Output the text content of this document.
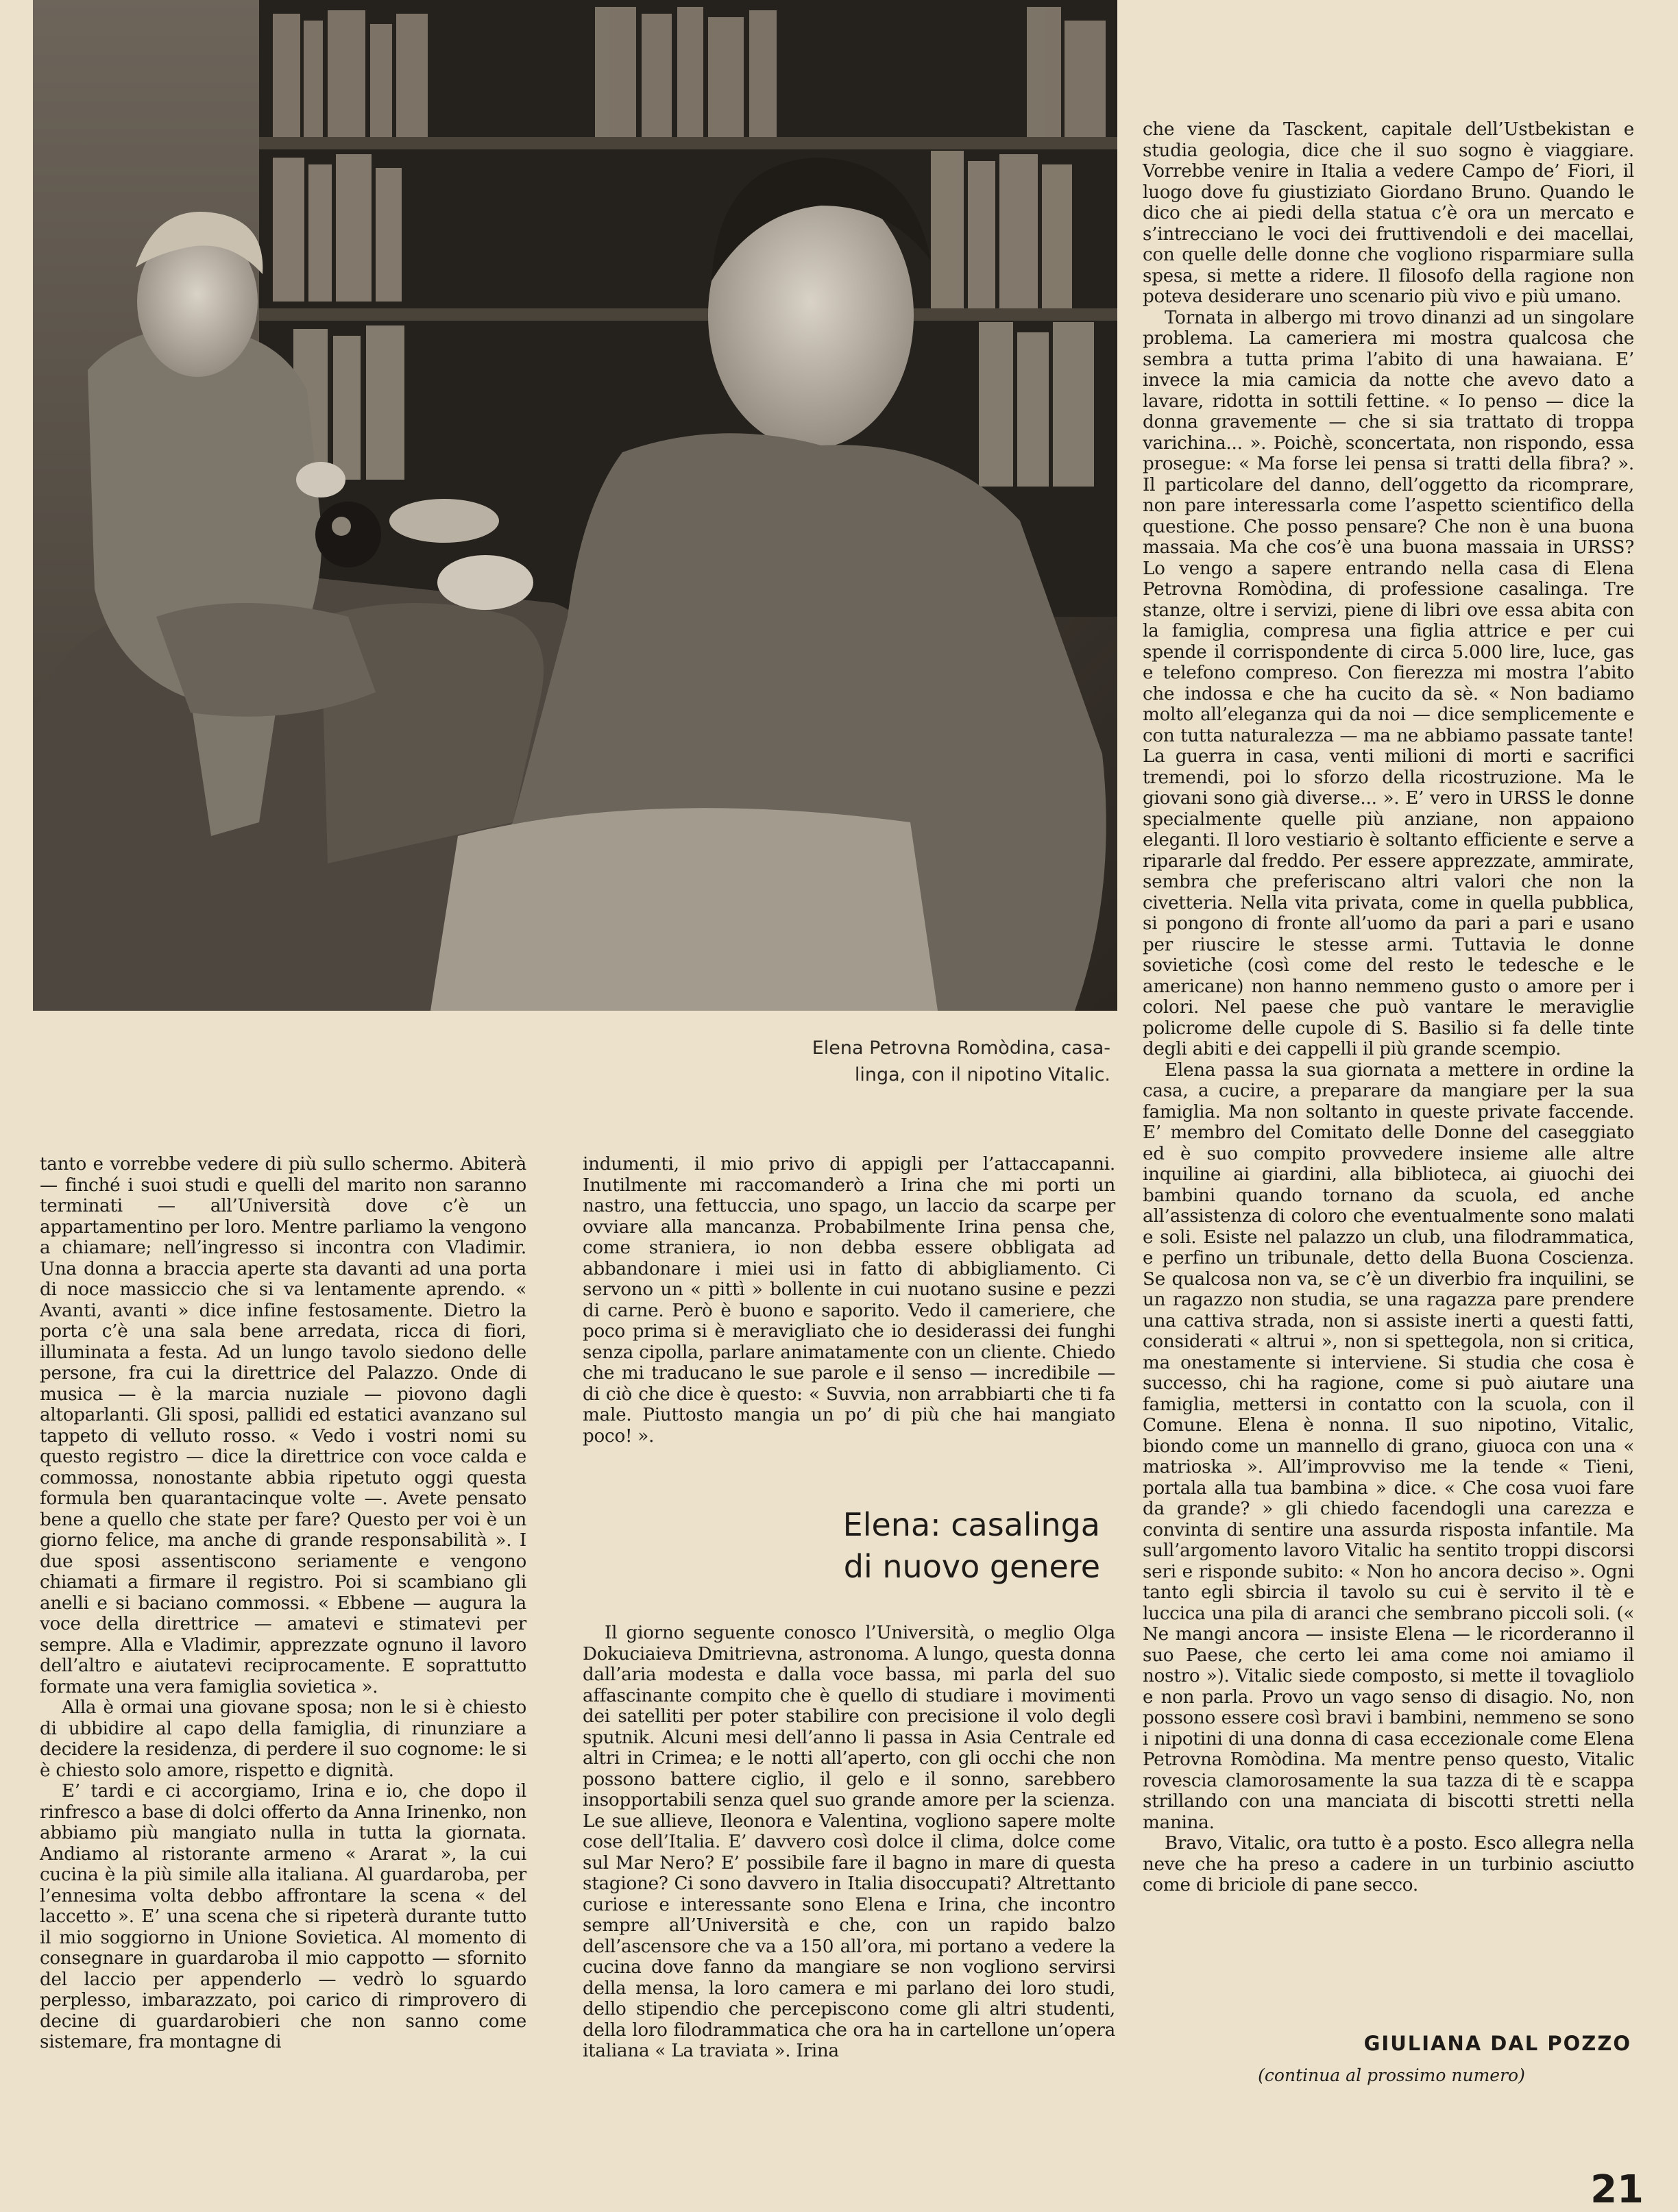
Elena Petrovna Romòdina, casa-
linga, con il nipotino Vitalic.

tanto e vorrebbe vedere di più sullo schermo. Abiterà — finché i suoi studi e quelli del marito non saranno terminati — all’Università dove c’è un appartamentino per loro. Mentre parliamo la vengono a chiamare; nell’ingresso si incontra con Vladimir. Una donna a braccia aperte sta davanti ad una porta di noce massiccio che si va lentamente aprendo. « Avanti, avanti » dice infine festosamente. Dietro la porta c’è una sala bene arredata, ricca di fiori, illuminata a festa. Ad un lungo tavolo siedono delle persone, fra cui la direttrice del Palazzo. Onde di musica — è la marcia nuziale — piovono dagli altoparlanti. Gli sposi, pallidi ed estatici avanzano sul tappeto di velluto rosso. « Vedo i vostri nomi su questo registro — dice la direttrice con voce calda e commossa, nonostante abbia ripetuto oggi questa formula ben quarantacinque volte —. Avete pensato bene a quello che state per fare? Questo per voi è un giorno felice, ma anche di grande responsabilità ». I due sposi assentiscono seriamente e vengono chiamati a firmare il registro. Poi si scambiano gli anelli e si baciano commossi. « Ebbene — augura la voce della direttrice — amatevi e stimatevi per sempre. Alla e Vladimir, apprezzate ognuno il lavoro dell’altro e aiutatevi reciprocamente. E soprattutto formate una vera famiglia sovietica ».

Alla è ormai una giovane sposa; non le si è chiesto di ubbidire al capo della famiglia, di rinunziare a decidere la residenza, di perdere il suo cognome: le si è chiesto solo amore, rispetto e dignità.

E’ tardi e ci accorgiamo, Irina e io, che dopo il rinfresco a base di dolci offerto da Anna Irinenko, non abbiamo più mangiato nulla in tutta la giornata. Andiamo al ristorante armeno « Ararat », la cui cucina è la più simile alla italiana. Al guardaroba, per l’ennesima volta debbo affrontare la scena « del laccetto ». E’ una scena che si ripeterà durante tutto il mio soggiorno in Unione Sovietica. Al momento di consegnare in guardaroba il mio cappotto — sfornito del laccio per appenderlo — vedrò lo sguardo perplesso, imbarazzato, poi carico di rimprovero di decine di guardarobieri che non sanno come sistemare, fra montagne di

indumenti, il mio privo di appigli per l’attaccapanni. Inutilmente mi raccomanderò a Irina che mi porti un nastro, una fettuccia, uno spago, un laccio da scarpe per ovviare alla mancanza. Probabilmente Irina pensa che, come straniera, io non debba essere obbligata ad abbandonare i miei usi in fatto di abbigliamento. Ci servono un « pittì » bollente in cui nuotano susine e pezzi di carne. Però è buono e saporito. Vedo il cameriere, che poco prima si è meravigliato che io desiderassi dei funghi senza cipolla, parlare animatamente con un cliente. Chiedo che mi traducano le sue parole e il senso — incredibile — di ciò che dice è questo: « Suvvia, non arrabbiarti che ti fa male. Piuttosto mangia un po’ di più che hai mangiato poco! ».

Elena: casalinga
di nuovo genere

Il giorno seguente conosco l’Università, o meglio Olga Dokuciaieva Dmitrievna, astronoma. A lungo, questa donna dall’aria modesta e dalla voce bassa, mi parla del suo affascinante compito che è quello di studiare i movimenti dei satelliti per poter stabilire con precisione il volo degli sputnik. Alcuni mesi dell’anno li passa in Asia Centrale ed altri in Crimea; e le notti all’aperto, con gli occhi che non possono battere ciglio, il gelo e il sonno, sarebbero insopportabili senza quel suo grande amore per la scienza. Le sue allieve, Ileonora e Valentina, vogliono sapere molte cose dell’Italia. E’ davvero così dolce il clima, dolce come sul Mar Nero? E’ possibile fare il bagno in mare di questa stagione? Ci sono davvero in Italia disoccupati? Altrettanto curiose e interessante sono Elena e Irina, che incontro sempre all’Università e che, con un rapido balzo dell’ascensore che va a 150 all’ora, mi portano a vedere la cucina dove fanno da mangiare se non vogliono servirsi della mensa, la loro camera e mi parlano dei loro studi, dello stipendio che percepiscono come gli altri studenti, della loro filodrammatica che ora ha in cartellone un’opera italiana « La traviata ». Irina

che viene da Tasckent, capitale dell’Ustbekistan e studia geologia, dice che il suo sogno è viaggiare. Vorrebbe venire in Italia a vedere Campo de’ Fiori, il luogo dove fu giustiziato Giordano Bruno. Quando le dico che ai piedi della statua c’è ora un mercato e s’intrecciano le voci dei fruttivendoli e dei macellai, con quelle delle donne che vogliono risparmiare sulla spesa, si mette a ridere. Il filosofo della ragione non poteva desiderare uno scenario più vivo e più umano.

Tornata in albergo mi trovo dinanzi ad un singolare problema. La cameriera mi mostra qualcosa che sembra a tutta prima l’abito di una hawaiana. E’ invece la mia camicia da notte che avevo dato a lavare, ridotta in sottili fettine. « Io penso — dice la donna gravemente — che si sia trattato di troppa varichina... ». Poichè, sconcertata, non rispondo, essa prosegue: « Ma forse lei pensa si tratti della fibra? ». Il particolare del danno, dell’oggetto da ricomprare, non pare interessarla come l’aspetto scientifico della questione. Che posso pensare? Che non è una buona massaia. Ma che cos’è una buona massaia in URSS? Lo vengo a sapere entrando nella casa di Elena Petrovna Romòdina, di professione casalinga. Tre stanze, oltre i servizi, piene di libri ove essa abita con la famiglia, compresa una figlia attrice e per cui spende il corrispondente di circa 5.000 lire, luce, gas e telefono compreso. Con fierezza mi mostra l’abito che indossa e che ha cucito da sè. « Non badiamo molto all’eleganza qui da noi — dice semplicemente e con tutta naturalezza — ma ne abbiamo passate tante! La guerra in casa, venti milioni di morti e sacrifici tremendi, poi lo sforzo della ricostruzione. Ma le giovani sono già diverse... ». E’ vero in URSS le donne specialmente quelle più anziane, non appaiono eleganti. Il loro vestiario è soltanto efficiente e serve a ripararle dal freddo. Per essere apprezzate, ammirate, sembra che preferiscano altri valori che non la civetteria. Nella vita privata, come in quella pubblica, si pongono di fronte all’uomo da pari a pari e usano per riuscire le stesse armi. Tuttavia le donne sovietiche (così come del resto le tedesche e le americane) non hanno nemmeno gusto o amore per i colori. Nel paese che può vantare le meraviglie policrome delle cupole di S. Basilio si fa delle tinte degli abiti e dei cappelli il più grande scempio.

Elena passa la sua giornata a mettere in ordine la casa, a cucire, a preparare da mangiare per la sua famiglia. Ma non soltanto in queste private faccende. E’ membro del Comitato delle Donne del caseggiato ed è suo compito provvedere insieme alle altre inquiline ai giardini, alla biblioteca, ai giuochi dei bambini quando tornano da scuola, ed anche all’assistenza di coloro che eventualmente sono malati e soli. Esiste nel palazzo un club, una filodrammatica, e perfino un tribunale, detto della Buona Coscienza. Se qualcosa non va, se c’è un diverbio fra inquilini, se un ragazzo non studia, se una ragazza pare prendere una cattiva strada, non si assiste inerti a questi fatti, considerati « altrui », non si spettegola, non si critica, ma onestamente si interviene. Si studia che cosa è successo, chi ha ragione, come si può aiutare una famiglia, mettersi in contatto con la scuola, con il Comune. Elena è nonna. Il suo nipotino, Vitalic, biondo come un mannello di grano, giuoca con una « matrioska ». All’improvviso me la tende « Tieni, portala alla tua bambina » dice. « Che cosa vuoi fare da grande? » gli chiedo facendogli una carezza e convinta di sentire una assurda risposta infantile. Ma sull’argomento lavoro Vitalic ha sentito troppi discorsi seri e risponde subito: « Non ho ancora deciso ». Ogni tanto egli sbircia il tavolo su cui è servito il tè e luccica una pila di aranci che sembrano piccoli soli. (« Ne mangi ancora — insiste Elena — le ricorderanno il suo Paese, che certo lei ama come noi amiamo il nostro »). Vitalic siede composto, si mette il tovagliolo e non parla. Provo un vago senso di disagio. No, non possono essere così bravi i bambini, nemmeno se sono i nipotini di una donna di casa eccezionale come Elena Petrovna Romòdina. Ma mentre penso questo, Vitalic rovescia clamorosamente la sua tazza di tè e scappa strillando con una manciata di biscotti stretti nella manina.

Bravo, Vitalic, ora tutto è a posto. Esco allegra nella neve che ha preso a cadere in un turbinio asciutto come di briciole di pane secco.

GIULIANA DAL POZZO
(continua al prossimo numero)
21
